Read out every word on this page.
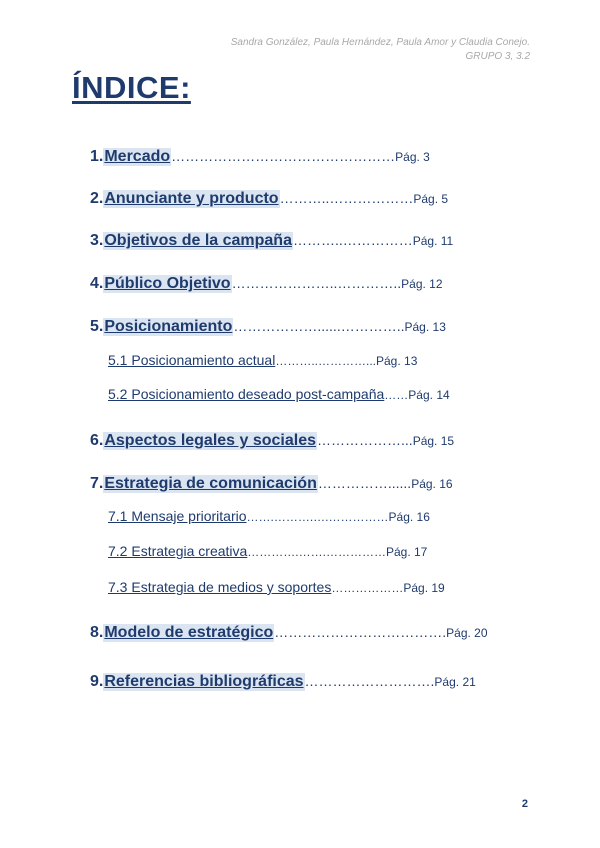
Sandra González, Paula Hernández, Paula Amor y Claudia Conejo.
GRUPO 3, 3.2
ÍNDICE:
1. Mercado ………………………………………… Pág. 3
2. Anunciante y producto ………..……………… Pág. 5
3. Objetivos de la campaña ………..…………… Pág. 11
4. Público Objetivo …………………..………….. Pág. 12
5. Posicionamiento ………………......………….. Pág. 13
5.1 Posicionamiento actual ………..…………... Pág. 13
5.2 Posicionamiento deseado post-campaña …… Pág. 14
6. Aspectos legales y sociales ………………... Pág. 15
7. Estrategia de comunicación ……………...... Pág. 16
7.1 Mensaje prioritario …….……….….…………… Pág. 16
7.2 Estrategia creativa ………….…….…………… Pág. 17
7.3 Estrategia de medios y soportes ……………… Pág. 19
8. Modelo de estratégico ………………………………. Pág. 20
9. Referencias bibliográficas ………………………. Pág. 21
2
